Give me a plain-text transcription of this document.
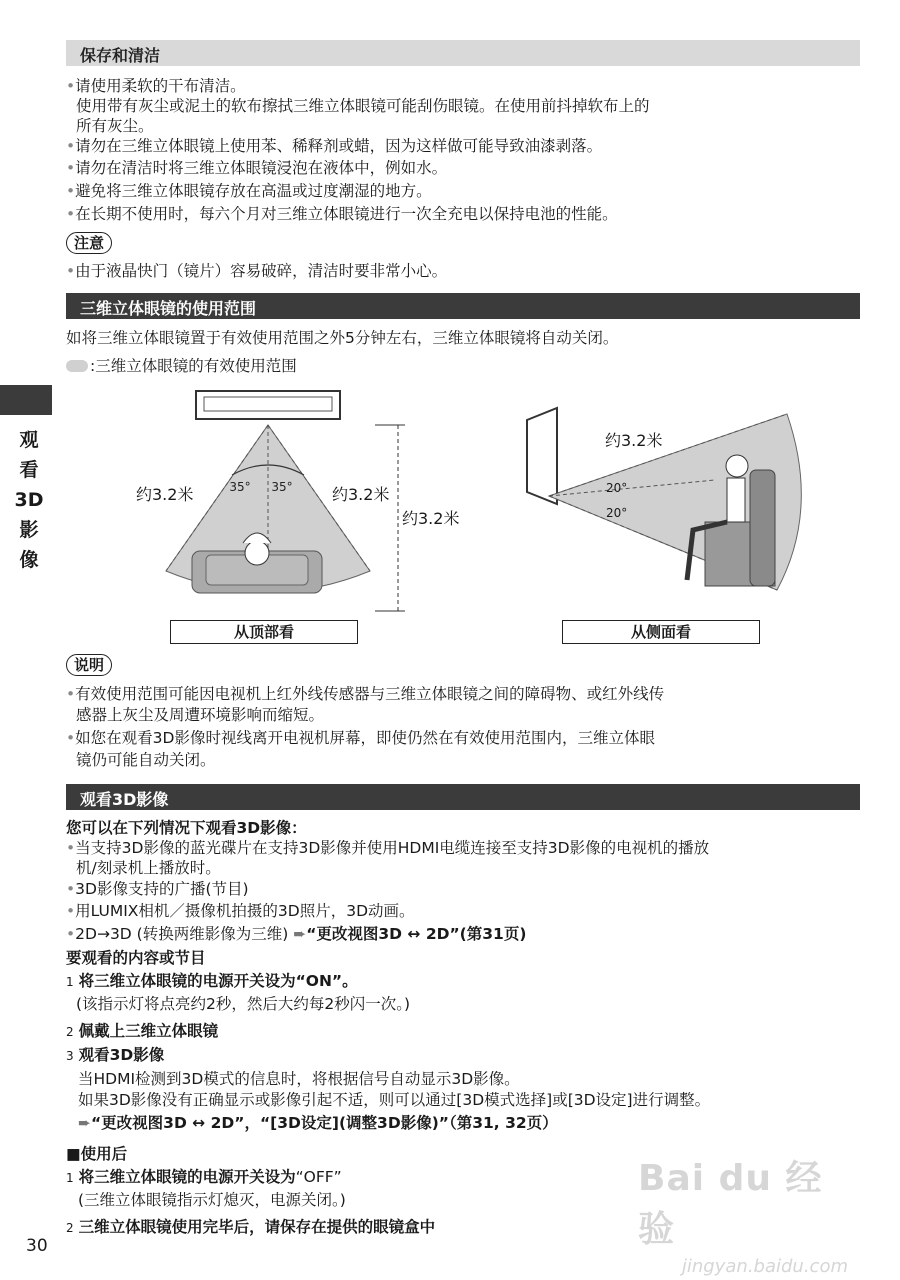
保存和清洁
•请使用柔软的干布清洁。
使用带有灰尘或泥土的软布擦拭三维立体眼镜可能刮伤眼镜。在使用前抖掉软布上的
所有灰尘。
•请勿在三维立体眼镜上使用苯、稀释剂或蜡，因为这样做可能导致油漆剥落。
•请勿在清洁时将三维立体眼镜浸泡在液体中，例如水。
•避免将三维立体眼镜存放在高温或过度潮湿的地方。
•在长期不使用时，每六个月对三维立体眼镜进行一次全充电以保持电池的性能。
注意
•由于液晶快门（镜片）容易破碎，清洁时要非常小心。
三维立体眼镜的使用范围
如将三维立体眼镜置于有效使用范围之外5分钟左右，三维立体眼镜将自动关闭。
:三维立体眼镜的有效使用范围
35°
35°
约3.2米	约3.2米
约3.2米
从顶部看
约3.2米
20°
20°
从侧面看
说明
•有效使用范围可能因电视机上红外线传感器与三维立体眼镜之间的障碍物、或红外线传
感器上灰尘及周遭环境影响而缩短。
•如您在观看3D影像时视线离开电视机屏幕，即使仍然在有效使用范围内，三维立体眼
镜仍可能自动关闭。
观看3D影像
您可以在下列情况下观看3D影像：
•当支持3D影像的蓝光碟片在支持3D影像并使用HDMI电缆连接至支持3D影像的电视机的播放
机/刻录机上播放时。
•3D影像支持的广播(节目)
•用LUMIX相机／摄像机拍摄的3D照片，3D动画。
•2D→3D (转换两维影像为三维) ➨“更改视图3D ↔ 2D”(第31页)
要观看的内容或节目
1 将三维立体眼镜的电源开关设为“ON”。
(该指示灯将点亮约2秒，然后大约每2秒闪一次。)
2 佩戴上三维立体眼镜
3 观看3D影像
当HDMI检测到3D模式的信息时，将根据信号自动显示3D影像。
如果3D影像没有正确显示或影像引起不适，则可以通过[3D模式选择]或[3D设定]进行调整。
➨“更改视图3D ↔ 2D”，“[3D设定](调整3D影像)”（第31, 32页）
■使用后
1 将三维立体眼镜的电源开关设为“OFF”
(三维立体眼镜指示灯熄灭，电源关闭。)
2 三维立体眼镜使用完毕后，请保存在提供的眼镜盒中
观
看
3D
影
像
30
Bai du 经验
jingyan.baidu.com
